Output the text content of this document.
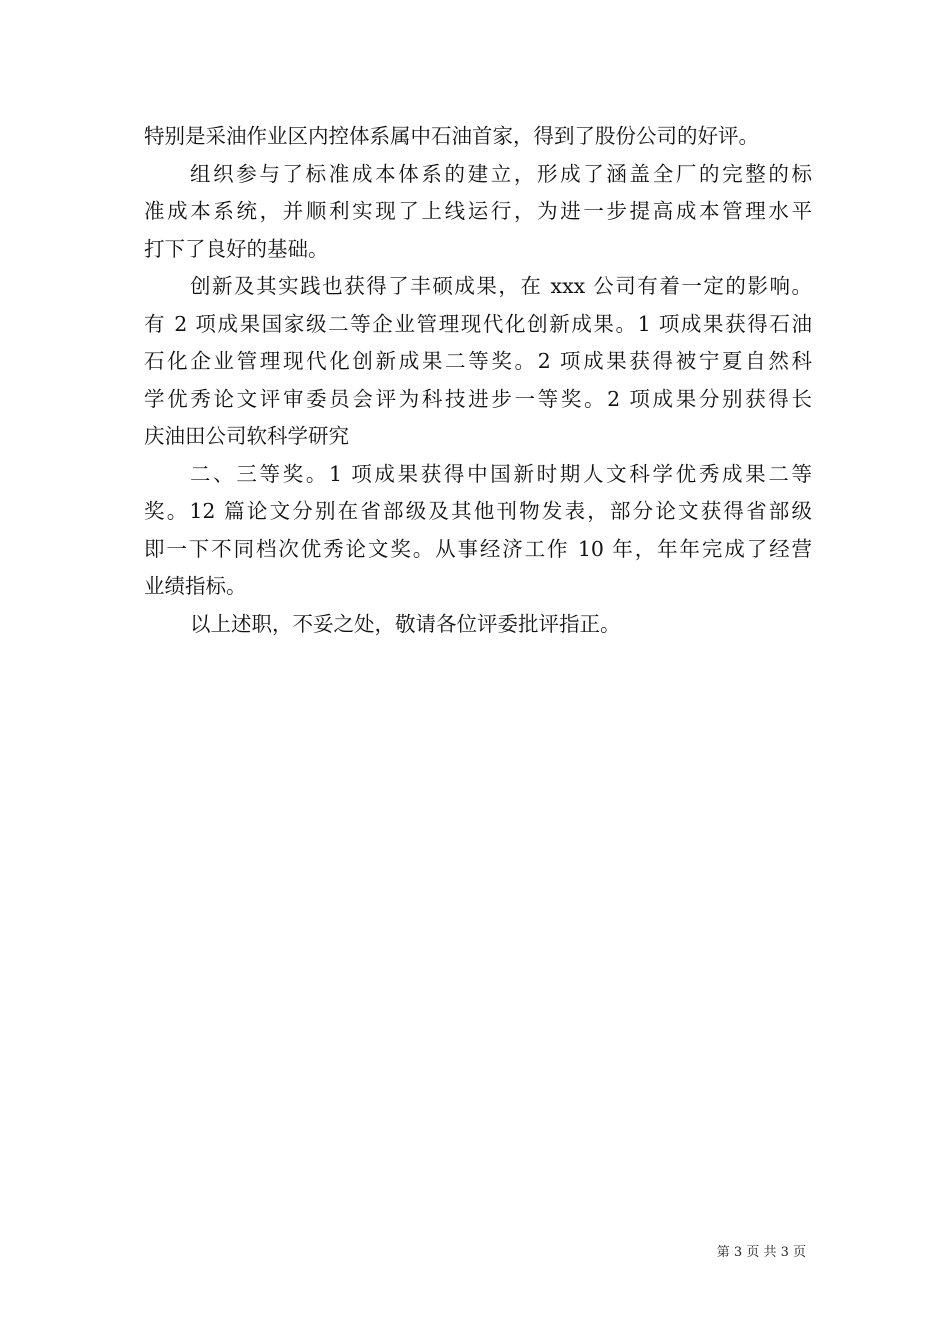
特别是采油作业区内控体系属中石油首家，得到了股份公司的好评。
组织参与了标准成本体系的建立，形成了涵盖全厂的完整的标
准成本系统，并顺利实现了上线运行，为进一步提高成本管理水平
打下了良好的基础。
创新及其实践也获得了丰硕成果，在 xxx 公司有着一定的影响。
有 2 项成果国家级二等企业管理现代化创新成果。1 项成果获得石油
石化企业管理现代化创新成果二等奖。2 项成果获得被宁夏自然科
学优秀论文评审委员会评为科技进步一等奖。2 项成果分别获得长
庆油田公司软科学研究
二、三等奖。1 项成果获得中国新时期人文科学优秀成果二等
奖。12 篇论文分别在省部级及其他刊物发表，部分论文获得省部级
即一下不同档次优秀论文奖。从事经济工作 10 年，年年完成了经营
业绩指标。
以上述职，不妥之处，敬请各位评委批评指正。
第 3 页 共 3 页
